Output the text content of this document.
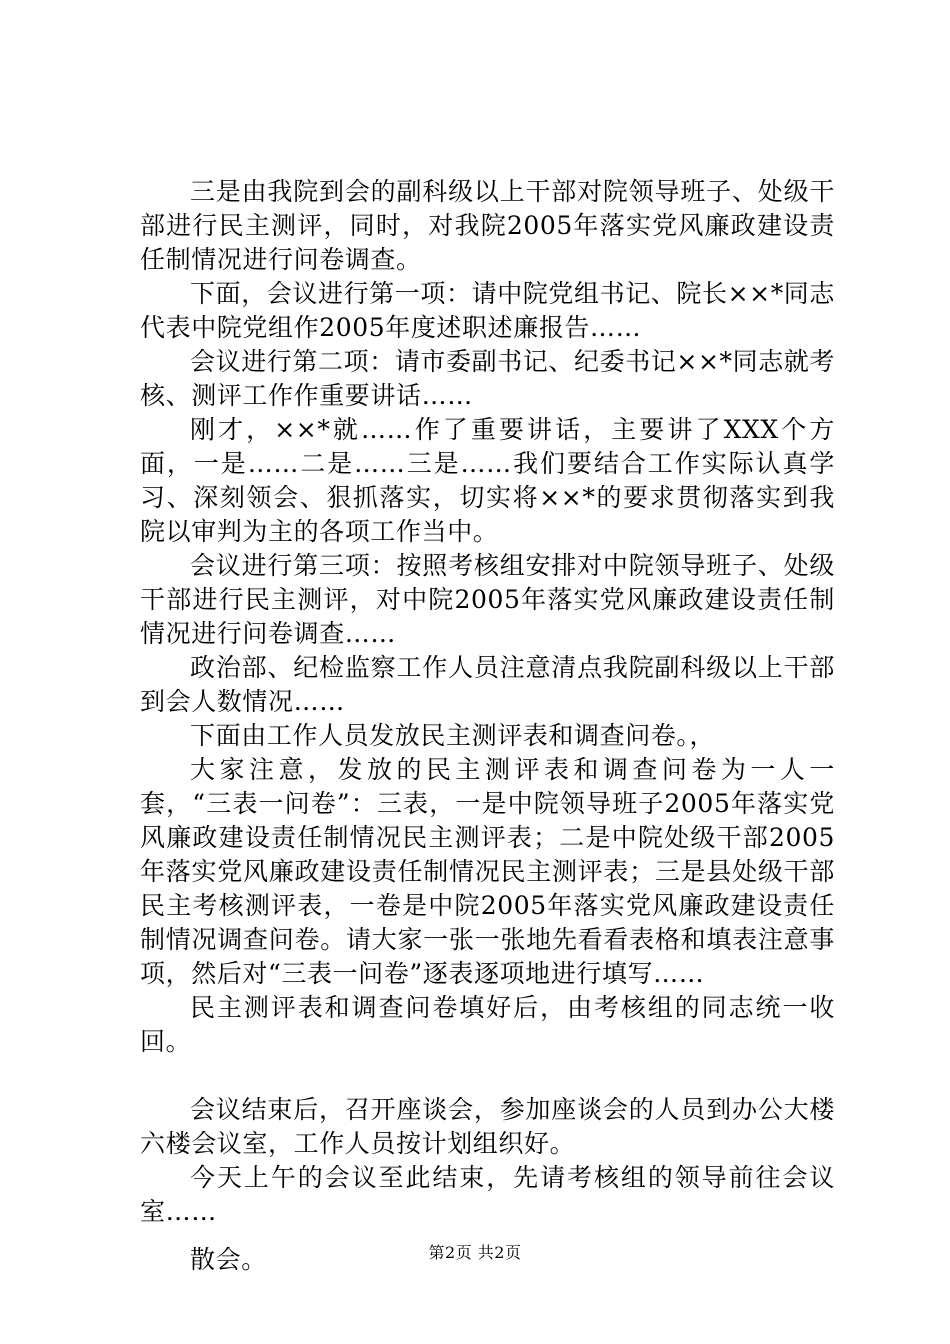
三是由我院到会的副科级以上干部对院领导班子、处级干部进行民主测评，同时，对我院2005年落实党风廉政建设责任制情况进行问卷调查。

下面，会议进行第一项：请中院党组书记、院长××*同志代表中院党组作2005年度述职述廉报告……

会议进行第二项：请市委副书记、纪委书记××*同志就考核、测评工作作重要讲话……

刚才，××*就……作了重要讲话，主要讲了XXX个方面，一是……二是……三是……我们要结合工作实际认真学习、深刻领会、狠抓落实，切实将××*的要求贯彻落实到我院以审判为主的各项工作当中。

会议进行第三项：按照考核组安排对中院领导班子、处级干部进行民主测评，对中院2005年落实党风廉政建设责任制情况进行问卷调查……

政治部、纪检监察工作人员注意清点我院副科级以上干部到会人数情况……

下面由工作人员发放民主测评表和调查问卷。，

大家注意，发放的民主测评表和调查问卷为一人一套，“三表一问卷”：三表，一是中院领导班子2005年落实党风廉政建设责任制情况民主测评表；二是中院处级干部2005年落实党风廉政建设责任制情况民主测评表；三是县处级干部民主考核测评表，一卷是中院2005年落实党风廉政建设责任制情况调查问卷。请大家一张一张地先看看表格和填表注意事项，然后对“三表一问卷”逐表逐项地进行填写……

民主测评表和调查问卷填好后，由考核组的同志统一收回。

会议结束后，召开座谈会，参加座谈会的人员到办公大楼六楼会议室，工作人员按计划组织好。

今天上午的会议至此结束，先请考核组的领导前往会议室……

散会。	第2页 共2页
